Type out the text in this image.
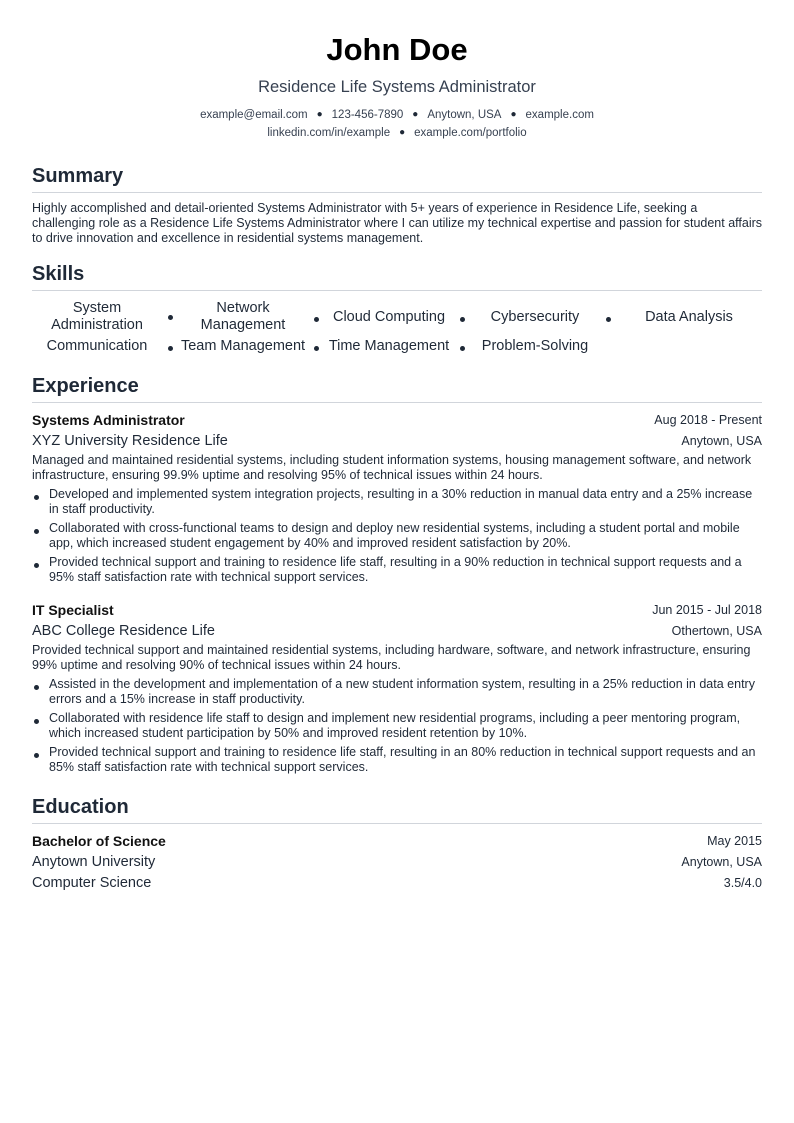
John Doe
Residence Life Systems Administrator
example@email.com ● 123-456-7890 ● Anytown, USA ● example.com
linkedin.com/in/example ● example.com/portfolio
Summary
Highly accomplished and detail-oriented Systems Administrator with 5+ years of experience in Residence Life, seeking a challenging role as a Residence Life Systems Administrator where I can utilize my technical expertise and passion for student affairs to drive innovation and excellence in residential systems management.
Skills
System Administration
Network Management	Cloud Computing	Cybersecurity	Data Analysis
Communication	Team Management	Time Management	Problem-Solving
Experience
Systems Administrator	Aug 2018 - Present
XYZ University Residence Life	Anytown, USA
Managed and maintained residential systems, including student information systems, housing management software, and network infrastructure, ensuring 99.9% uptime and resolving 95% of technical issues within 24 hours.
Developed and implemented system integration projects, resulting in a 30% reduction in manual data entry and a 25% increase in staff productivity.
Collaborated with cross-functional teams to design and deploy new residential systems, including a student portal and mobile app, which increased student engagement by 40% and improved resident satisfaction by 20%.
Provided technical support and training to residence life staff, resulting in a 90% reduction in technical support requests and a 95% staff satisfaction rate with technical support services.
IT Specialist	Jun 2015 - Jul 2018
ABC College Residence Life	Othertown, USA
Provided technical support and maintained residential systems, including hardware, software, and network infrastructure, ensuring 99% uptime and resolving 90% of technical issues within 24 hours.
Assisted in the development and implementation of a new student information system, resulting in a 25% reduction in data entry errors and a 15% increase in staff productivity.
Collaborated with residence life staff to design and implement new residential programs, including a peer mentoring program, which increased student participation by 50% and improved resident retention by 10%.
Provided technical support and training to residence life staff, resulting in an 80% reduction in technical support requests and an 85% staff satisfaction rate with technical support services.
Education
Bachelor of Science	May 2015
Anytown University	Anytown, USA
Computer Science	3.5/4.0
